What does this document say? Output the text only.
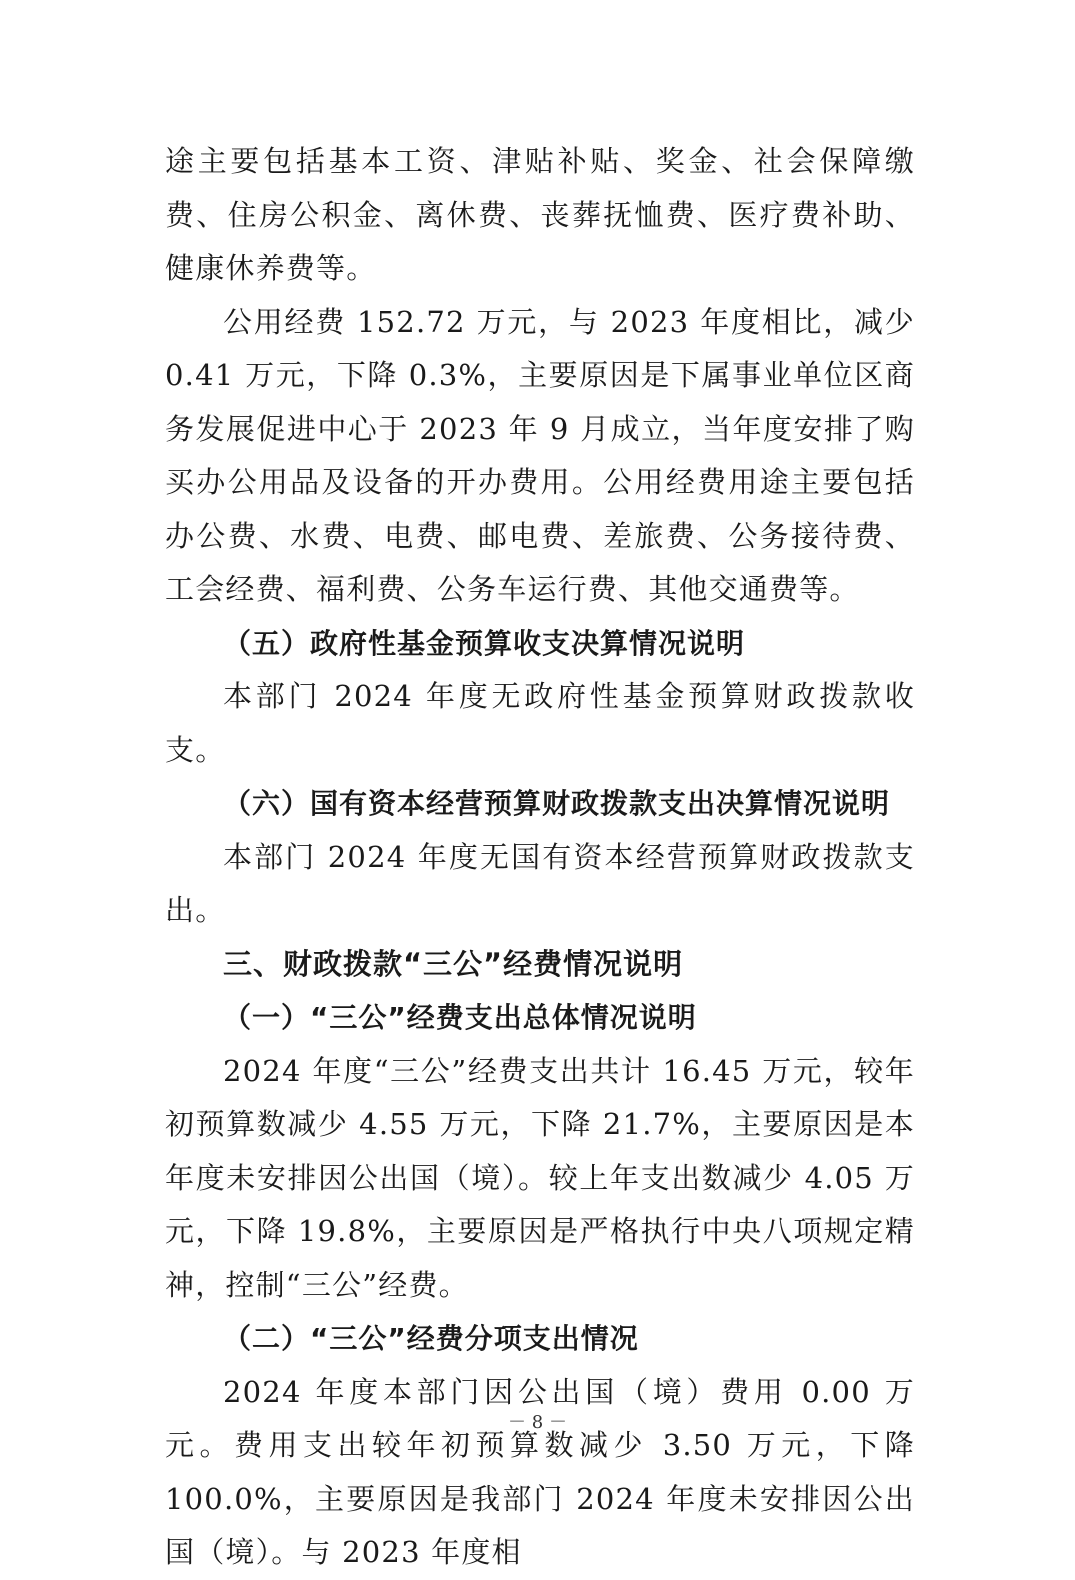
途主要包括基本工资、津贴补贴、奖金、社会保障缴费、住房公积金、离休费、丧葬抚恤费、医疗费补助、健康休养费等。

公用经费 152.72 万元，与 2023 年度相比，减少 0.41 万元，下降 0.3%，主要原因是下属事业单位区商务发展促进中心于 2023 年 9 月成立，当年度安排了购买办公用品及设备的开办费用。公用经费用途主要包括办公费、水费、电费、邮电费、差旅费、公务接待费、工会经费、福利费、公务车运行费、其他交通费等。

（五）政府性基金预算收支决算情况说明

本部门 2024 年度无政府性基金预算财政拨款收支。

（六）国有资本经营预算财政拨款支出决算情况说明

本部门 2024 年度无国有资本经营预算财政拨款支出。

三、财政拨款“三公”经费情况说明

（一）“三公”经费支出总体情况说明

2024 年度“三公”经费支出共计 16.45 万元，较年初预算数减少 4.55 万元，下降 21.7%，主要原因是本年度未安排因公出国（境）。较上年支出数减少 4.05 万元，下降 19.8%，主要原因是严格执行中央八项规定精神，控制“三公”经费。

（二）“三公”经费分项支出情况

2024 年度本部门因公出国（境）费用 0.00 万元。费用支出较年初预算数减少 3.50 万元，下降 100.0%，主要原因是我部门 2024 年度未安排因公出国（境）。与 2023 年度相

－ 8 －
